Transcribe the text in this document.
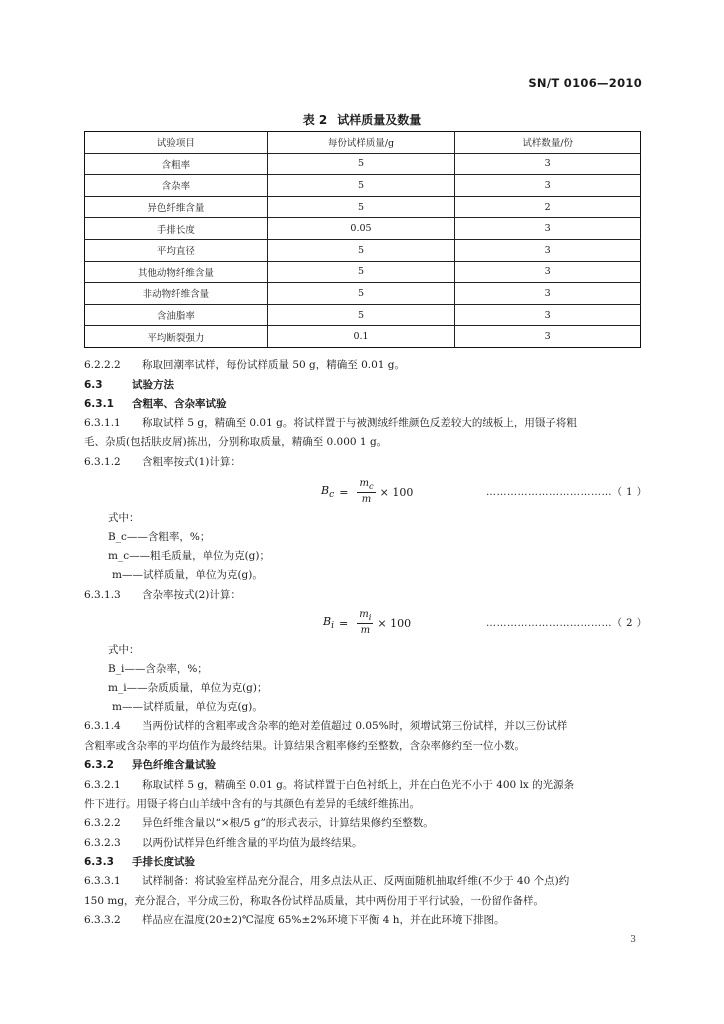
SN/T 0106—2010
表 2 试样质量及数量
试验项目	每份试样质量/g	试样数量/份
含粗率	5	3
含杂率	5	3
异色纤维含量	5	2
手排长度	0.05	3
平均直径	5	3
其他动物纤维含量	5	3
非动物纤维含量	5	3
含油脂率	5	3
平均断裂强力	0.1	3
6.2.2.2 称取回潮率试样，每份试样质量 50 g，精确至 0.01 g。
6.3	试验方法
6.3.1 含粗率、含杂率试验
6.3.1.1 称取试样 5 g，精确至 0.01 g。将试样置于与被测绒纤维颜色反差较大的绒板上，用镊子将粗
毛、杂质(包括肤皮屑)拣出，分别称取质量，精确至 0.000 1 g。
6.3.1.2 含粗率按式(1)计算：
$B_c = \frac{m_c}{m} \times 100$	………………………………（ 1 ）
式中：
B_c——含粗率，%；
m_c——粗毛质量，单位为克(g)；
m——试样质量，单位为克(g)。
6.3.1.3 含杂率按式(2)计算：
$B_i = \frac{m_i}{m} \times 100$	………………………………（ 2 ）
式中：
B_i——含杂率，%；
m_i——杂质质量，单位为克(g)；
m——试样质量，单位为克(g)。
6.3.1.4 当两份试样的含粗率或含杂率的绝对差值超过 0.05%时，须增试第三份试样，并以三份试样
含粗率或含杂率的平均值作为最终结果。计算结果含粗率修约至整数，含杂率修约至一位小数。
6.3.2 异色纤维含量试验
6.3.2.1 称取试样 5 g，精确至 0.01 g。将试样置于白色衬纸上，并在白色光不小于 400 lx 的光源条
件下进行。用镊子将白山羊绒中含有的与其颜色有差异的毛绒纤维拣出。
6.3.2.2 异色纤维含量以“×根/5 g”的形式表示，计算结果修约至整数。
6.3.2.3 以两份试样异色纤维含量的平均值为最终结果。
6.3.3 手排长度试验
6.3.3.1 试样制备：将试验室样品充分混合，用多点法从正、反两面随机抽取纤维(不少于 40 个点)约
150 mg，充分混合，平分成三份，称取各份试样品质量，其中两份用于平行试验，一份留作备样。
6.3.3.2 样品应在温度(20±2)℃湿度 65%±2%环境下平衡 4 h，并在此环境下排图。
3
